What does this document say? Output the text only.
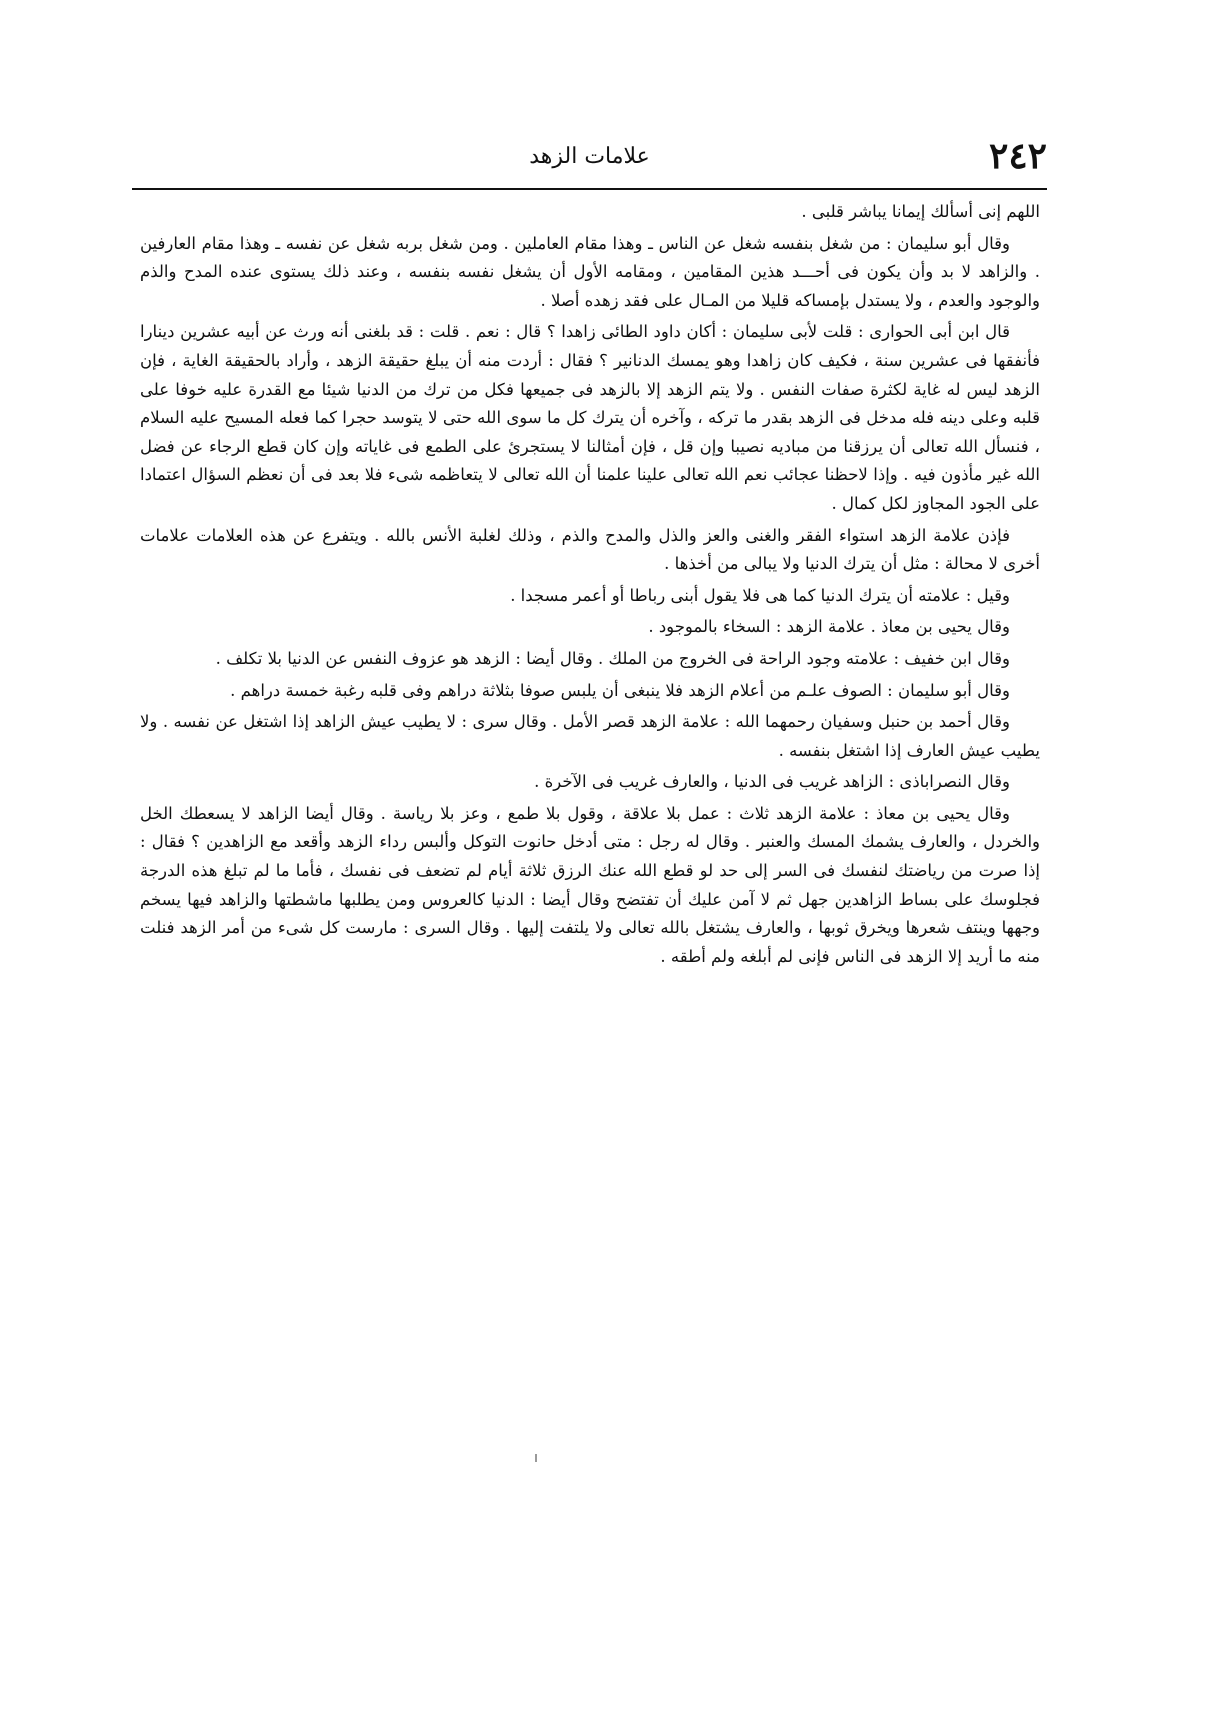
٢٤٢
علامات الزهد

اللهم إنى أسألك إيمانا يباشر قلبى .

وقال أبو سليمان : من شغل بنفسه شغل عن الناس ـ وهذا مقام العاملين . ومن شغل بربه شغل عن نفسه ـ وهذا مقام العارفين . والزاهد لا بد وأن يكون فى أحـــد هذين المقامين ، ومقامه الأول أن يشغل نفسه بنفسه ، وعند ذلك يستوى عنده المدح والذم والوجود والعدم ، ولا يستدل بإمساكه قليلا من المـال على فقد زهده أصلا .

قال ابن أبى الحوارى : قلت لأبى سليمان : أكان داود الطائى زاهدا ؟ قال : نعم . قلت : قد بلغنى أنه ورث عن أبيه عشرين دينارا فأنفقها فى عشرين سنة ، فكيف كان زاهدا وهو يمسك الدنانير ؟ فقال : أردت منه أن يبلغ حقيقة الزهد ، وأراد بالحقيقة الغاية ، فإن الزهد ليس له غاية لكثرة صفات النفس . ولا يتم الزهد إلا بالزهد فى جميعها فكل من ترك من الدنيا شيئا مع القدرة عليه خوفا على قلبه وعلى دينه فله مدخل فى الزهد بقدر ما تركه ، وآخره أن يترك كل ما سوى الله حتى لا يتوسد حجرا كما فعله المسيح عليه السلام ، فنسأل الله تعالى أن يرزقنا من مباديه نصيبا وإن قل ، فإن أمثالنا لا يستجرئ على الطمع فى غاياته وإن كان قطع الرجاء عن فضل الله غير مأذون فيه . وإذا لاحظنا عجائب نعم الله تعالى علينا علمنا أن الله تعالى لا يتعاظمه شىء فلا بعد فى أن نعظم السؤال اعتمادا على الجود المجاوز لكل كمال .

فإذن علامة الزهد استواء الفقر والغنى والعز والذل والمدح والذم ، وذلك لغلبة الأنس بالله . ويتفرع عن هذه العلامات علامات أخرى لا محالة : مثل أن يترك الدنيا ولا يبالى من أخذها .

وقيل : علامته أن يترك الدنيا كما هى فلا يقول أبنى رباطا أو أعمر مسجدا .

وقال يحيى بن معاذ . علامة الزهد : السخاء بالموجود .

وقال ابن خفيف : علامته وجود الراحة فى الخروج من الملك . وقال أيضا : الزهد هو عزوف النفس عن الدنيا بلا تكلف .

وقال أبو سليمان : الصوف علـم من أعلام الزهد فلا ينبغى أن يلبس صوفا بثلاثة دراهم وفى قلبه رغبة خمسة دراهم .

وقال أحمد بن حنبل وسفيان رحمهما الله : علامة الزهد قصر الأمل . وقال سرى : لا يطيب عيش الزاهد إذا اشتغل عن نفسه . ولا يطيب عيش العارف إذا اشتغل بنفسه .

وقال النصراباذى : الزاهد غريب فى الدنيا ، والعارف غريب فى الآخرة .

وقال يحيى بن معاذ : علامة الزهد ثلاث : عمل بلا علاقة ، وقول بلا طمع ، وعز بلا رياسة . وقال أيضا الزاهد لا يسعطك الخل والخردل ، والعارف يشمك المسك والعنبر . وقال له رجل : متى أدخل حانوت التوكل وألبس رداء الزهد وأقعد مع الزاهدين ؟ فقال : إذا صرت من رياضتك لنفسك فى السر إلى حد لو قطع الله عنك الرزق ثلاثة أيام لم تضعف فى نفسك ، فأما ما لم تبلغ هذه الدرجة فجلوسك على بساط الزاهدين جهل ثم لا آمن عليك أن تفتضح وقال أيضا : الدنيا كالعروس ومن يطلبها ماشطتها والزاهد فيها يسخم وجهها وينتف شعرها ويخرق ثوبها ، والعارف يشتغل بالله تعالى ولا يلتفت إليها . وقال السرى : مارست كل شىء من أمر الزهد فنلت منه ما أريد إلا الزهد فى الناس فإنى لم أبلغه ولم أطقه .
